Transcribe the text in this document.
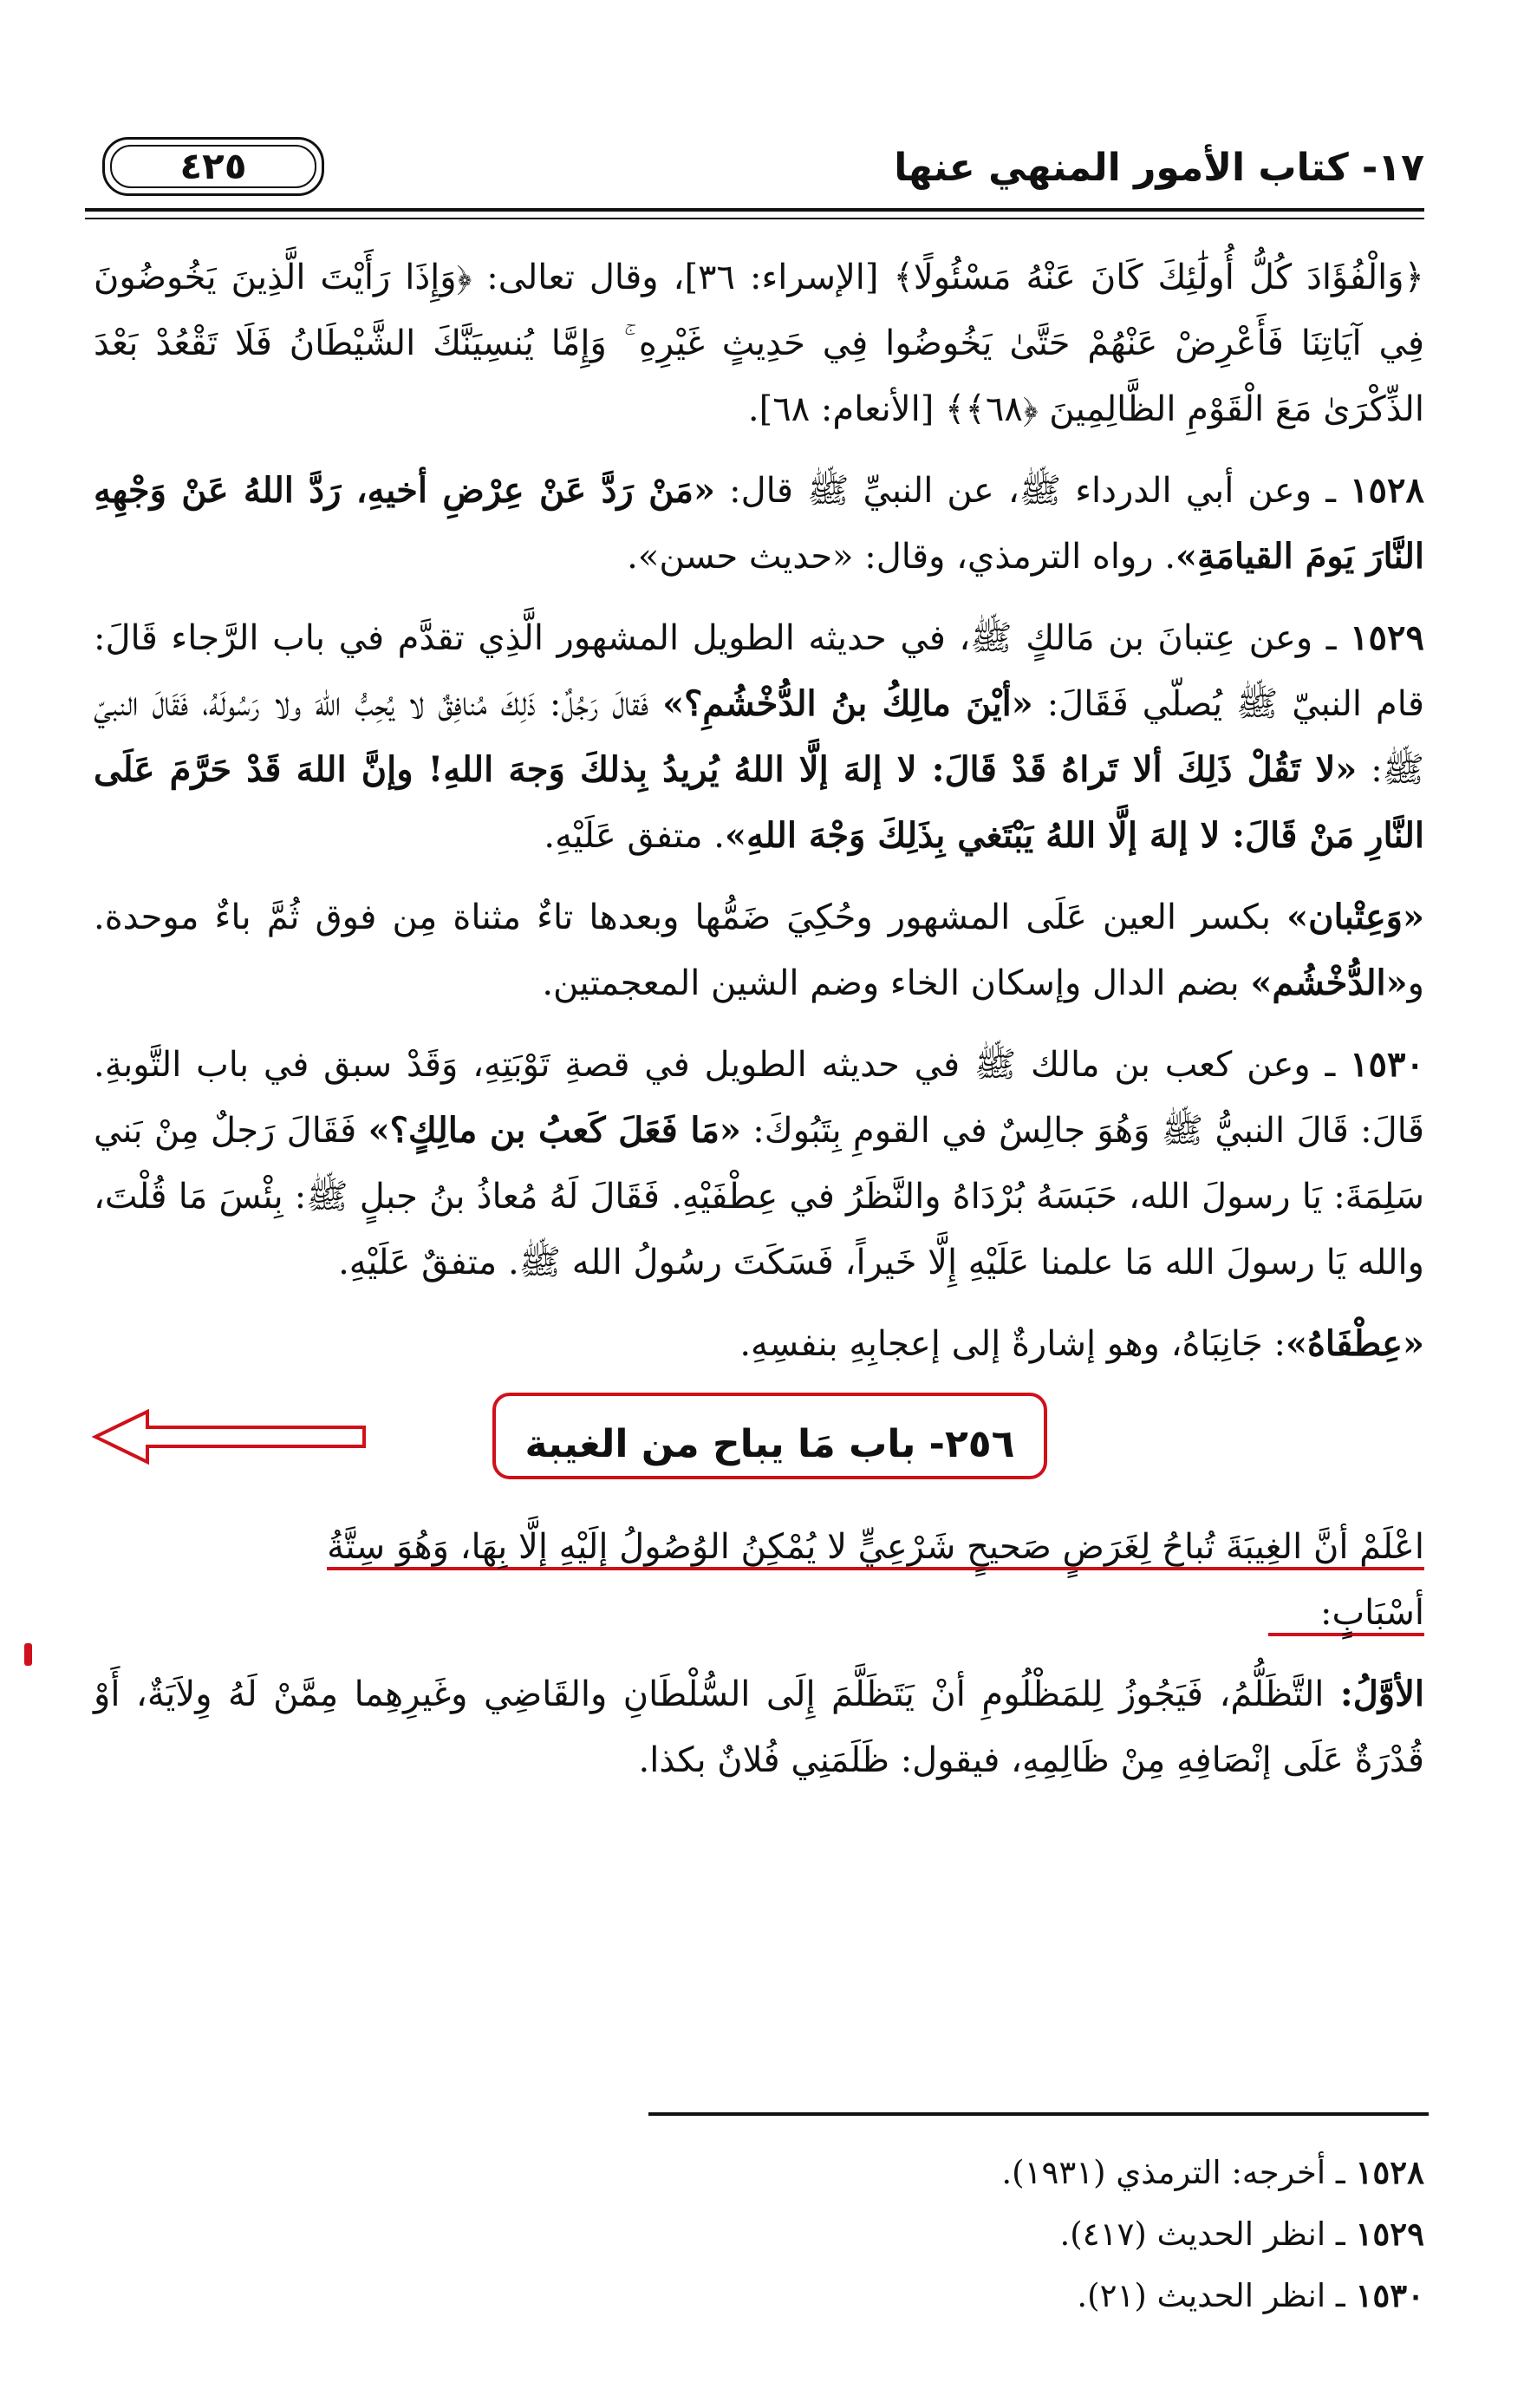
١٧- كتاب الأمور المنهي عنها
٤٢٥

﴿وَالْفُؤَادَ كُلُّ أُولَٰئِكَ كَانَ عَنْهُ مَسْئُولًا﴾ [الإسراء: ٣٦]، وقال تعالى: ﴿وَإِذَا رَأَيْتَ الَّذِينَ يَخُوضُونَ فِي آيَاتِنَا فَأَعْرِضْ عَنْهُمْ حَتَّىٰ يَخُوضُوا فِي حَدِيثٍ غَيْرِهِ ۚ وَإِمَّا يُنسِيَنَّكَ الشَّيْطَانُ فَلَا تَقْعُدْ بَعْدَ الذِّكْرَىٰ مَعَ الْقَوْمِ الظَّالِمِينَ ﴿٦٨﴾﴾ [الأنعام: ٦٨].

١٥٢٨ ـ وعن أبي الدرداء ﷺ، عن النبيِّ ﷺ قال: «مَنْ رَدَّ عَنْ عِرْضِ أخيهِ، رَدَّ اللهُ عَنْ وَجْهِهِ النَّارَ يَومَ القيامَةِ». رواه الترمذي، وقال: «حديث حسن».

١٥٢٩ ـ وعن عِتبانَ بن مَالكٍ ﷺ، في حديثه الطويل المشهور الَّذِي تقدَّم في باب الرَّجاء قَالَ: قام النبيّ ﷺ يُصلّي فَقَالَ: «أيْنَ مالِكُ بنُ الدُّخْشُمِ؟» فَقالَ رَجُلٌ: ذَلِكَ مُنافِقٌ لا يُحِبُّ اللهَ ولا رَسُولَهُ، فَقَالَ النبيّ ﷺ: «لا تَقُلْ ذَلِكَ ألا تَراهُ قَدْ قَالَ: لا إلهَ إلَّا اللهُ يُريدُ بِذلكَ وَجهَ اللهِ! وإنَّ اللهَ قَدْ حَرَّمَ عَلَى النَّارِ مَنْ قَالَ: لا إلهَ إلَّا اللهُ يَبْتَغي بِذَلِكَ وَجْهَ اللهِ». متفق عَلَيْهِ.

«وَعِتْبان» بكسر العين عَلَى المشهور وحُكِيَ ضَمُّها وبعدها تاءٌ مثناة مِن فوق ثُمَّ باءٌ موحدة. و«الدُّخْشُم» بضم الدال وإسكان الخاء وضم الشين المعجمتين.

١٥٣٠ ـ وعن كعب بن مالك ﷺ في حديثه الطويل في قصةِ تَوْبَتِهِ، وَقَدْ سبق في باب التَّوبةِ. قَالَ: قَالَ النبيُّ ﷺ وَهُوَ جالِسٌ في القومِ بِتَبُوكَ: «مَا فَعَلَ كَعبُ بن مالِكٍ؟» فَقَالَ رَجلٌ مِنْ بَني سَلِمَةَ: يَا رسولَ الله، حَبَسَهُ بُرْدَاهُ والنَّظَرُ في عِطْفَيْهِ. فَقَالَ لَهُ مُعاذُ بنُ جبلٍ ﷺ: بِئْسَ مَا قُلْتَ، والله يَا رسولَ الله مَا علمنا عَلَيْهِ إِلَّا خَيراً، فَسَكَتَ رسُولُ الله ﷺ. متفقٌ عَلَيْهِ.

«عِطْفَاهُ»: جَانِبَاهُ، وهو إشارةٌ إلى إعجابِهِ بنفسِهِ.

٢٥٦- باب مَا يباح من الغيبة

اعْلَمْ أنَّ الغِيبَةَ تُباحُ لِغَرَضٍ صَحيحٍ شَرْعِيٍّ لا يُمْكِنُ الوُصُولُ إلَيْهِ إلَّا بِهَا، وَهُوَ سِتَّةُ
أسْبَابٍ:

الأوَّلُ: التَّظَلُّمُ، فَيَجُوزُ لِلمَظْلُومِ أنْ يَتَظَلَّمَ إِلَى السُّلْطَانِ والقَاضِي وغَيرِهِما مِمَّنْ لَهُ وِلاَيَةٌ، أَوْ قُدْرَةٌ عَلَى إنْصَافِهِ مِنْ ظَالِمِهِ، فيقول: ظَلَمَنِي فُلانٌ بكذا.

١٥٢٨ ـ أخرجه: الترمذي (١٩٣١).

١٥٢٩ ـ انظر الحديث (٤١٧).

١٥٣٠ ـ انظر الحديث (٢١).
